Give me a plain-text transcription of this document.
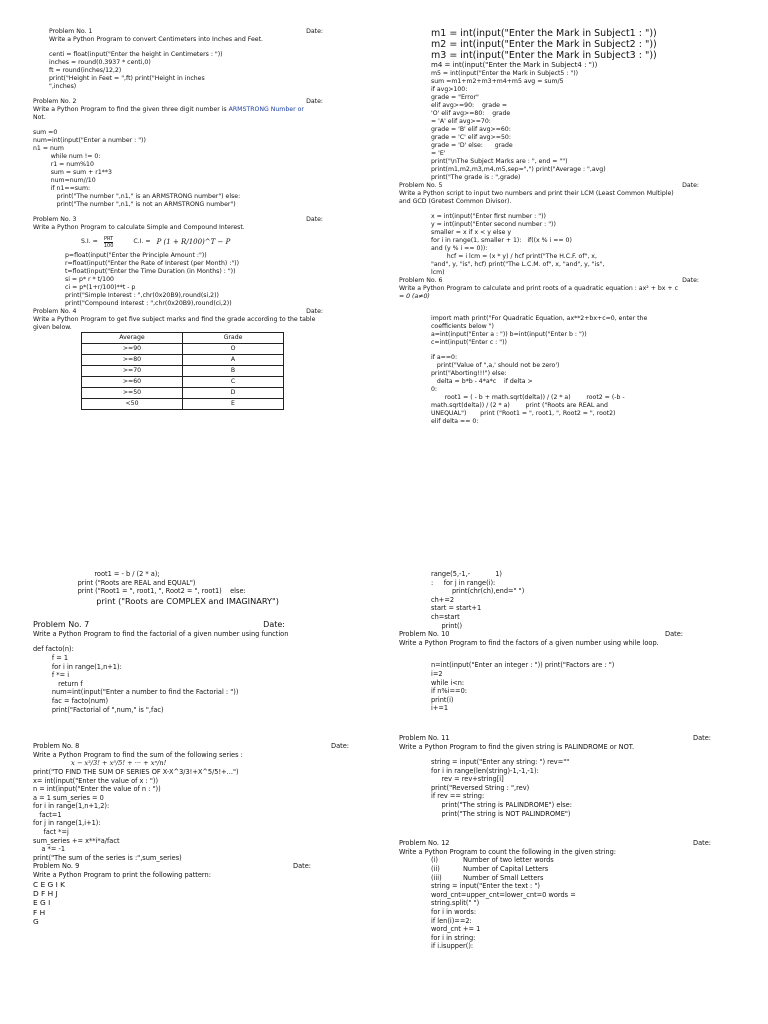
Problem No. 1	Date:
Write a Python Program to convert Centimeters into Inches and Feet.
centi = float(input("Enter the height in Centimeters : "))
inches = round(0.3937 * centi,0)
ft = round(inches/12,2)
print("Height in Feet = ",ft) print("Height in inches
",inches)
Problem No. 2	Date:
Write a Python Program to find the given three digit number is ARMSTRONG Number or
Not.
sum =0
num=int(input("Enter a number : "))
n1 = num
while num != 0:
r1 = num%10
sum = sum + r1**3
num=num//10
if n1==sum:
print("The number ",n1," is an ARMSTRONG number") else:
print("The number ",n1," is not an ARMSTRONG number")
Problem No. 3	Date:
Write a Python Program to calculate Simple and Compound Interest.
S.I. = $\frac{\text{PRT}}{100}$	C.I. = P (1 + R/100)^T − P
p=float(input("Enter the Principle Amount :"))
r=float(input("Enter the Rate of Interest (per Month) :"))
t=float(input("Enter the Time Duration (in Months) : "))
si = p* r * t/100
ci = p*(1+r/100)**t - p
print("Simple Interest : ",chr(0x20B9),round(si,2))
print("Compound Interest : ",chr(0x20B9),round(ci,2))
Problem No. 4	Date:
Write a Python Program to get five subject marks and find the grade according to the table
given below.
Average	Grade
>=90	O
>=80	A
>=70	B
>=60	C
>=50	D
<50	E
m1 = int(input("Enter the Mark in Subject1 : "))
m2 = int(input("Enter the Mark in Subject2 : "))
m3 = int(input("Enter the Mark in Subject3 : "))
m4 = int(input("Enter the Mark in Subject4 : "))
m5 = int(input("Enter the Mark in Subject5 : "))
sum =m1+m2+m3+m4+m5 avg = sum/5
if avg>100:
grade = "Error"
elif avg>=90:    grade =
'O' elif avg>=80:    grade
= 'A' elif avg>=70:
grade = 'B' elif avg>=60:
grade = 'C' elif avg>=50:
grade = 'D' else:      grade
= 'E'
print("\nThe Subject Marks are : ", end = "")
print(m1,m2,m3,m4,m5,sep=",") print("Average : ",avg)
print("The grade is : ",grade)
Problem No. 5	Date:
Write a Python script to input two numbers and print their LCM (Least Common Multiple)
and GCD (Gretest Common Divisor).
x = int(input("Enter first number : "))
y = int(input("Enter second number : "))
smaller = x if x < y else y
for i in range(1, smaller + 1):   if((x % i == 0)
and (y % i == 0)):
hcf = i lcm = (x * y) / hcf print("The H.C.F. of", x,
"and", y, "is", hcf) print("The L.C.M. of", x, "and", y, "is",
lcm)
Problem No. 6	Date:
Write a Python Program to calculate and print roots of a quadratic equation : ax² + bx + c
= 0 (a≠0)
import math print("For Quadratic Equation, ax**2+bx+c=0, enter the
coefficients below ")
a=int(input("Enter a : ")) b=int(input("Enter b : "))
c=int(input("Enter c : "))
if a==0:
print("Value of ",a,' should not be zero')
print("Aborting!!!") else:
delta = b*b - 4*a*c    if delta >
0:
root1 = ( - b + math.sqrt(delta)) / (2 * a)        root2 = (-b -
math.sqrt(delta)) / (2 * a)        print ("Roots are REAL and
UNEQUAL")       print ("Root1 = ", root1, ", Root2 = ", root2)
elif delta == 0:
root1 = - b / (2 * a);
print ("Roots are REAL and EQUAL")
print ("Root1 = ", root1, ", Root2 = ", root1)    else:
print ("Roots are COMPLEX and IMAGINARY")
Problem No. 7	Date:
Write a Python Program to find the factorial of a given number using function
def facto(n):
f = 1
for i in range(1,n+1):
f *= i
return f
num=int(input("Enter a number to find the Factorial : "))
fac = facto(num)
print("Factorial of ",num," is ",fac)
Problem No. 8	Date:
Write a Python Program to find the sum of the following series :
x − x³/3! + x⁵/5! + ··· + xⁿ/n!
print("TO FIND THE SUM OF SERIES OF X-X^3/3!+X^5/5!+...")
x= int(input("Enter the value of x : "))
n = int(input("Enter the value of n : "))
a = 1 sum_series = 0
for i in range(1,n+1,2):
fact=1
for j in range(1,i+1):
fact *=j
sum_series += x**i*a/fact
a *= -1
print("The sum of the series is :",sum_series)
Problem No. 9	Date:
Write a Python Program to print the following pattern:
C E G I K
D F H J
E G I
F H
G
range(5,-1,-            1)
:     for j in range(i):
print(chr(ch),end=" ")
ch+=2
start = start+1
ch=start
print()
Problem No. 10	Date:
Write a Python Program to find the factors of a given number using while loop.
n=int(input("Enter an integer : ")) print("Factors are : ")
i=2
while i<n:
if n%i==0:
print(i)
i+=1
Problem No. 11	Date:
Write a Python Program to find the given string is PALINDROME or NOT.
string = input("Enter any string: ") rev=""
for i in range(len(string)-1,-1,-1):
rev = rev+string[i]
print("Reversed String : ",rev)
if rev == string:
print("The string is PALINDROME") else:
print("The string is NOT PALINDROME")
Problem No. 12	Date:
Write a Python Program to count the following in the given string:
(i)	Number of two letter words
(ii)	Number of Capital Letters
(iii)	Number of Small Letters
string = input("Enter the text : ")
word_cnt=upper_cnt=lower_cnt=0 words =
string.split(" ")
for i in words:
if len(i)==2:
word_cnt += 1
for i in string:
if i.isupper():
